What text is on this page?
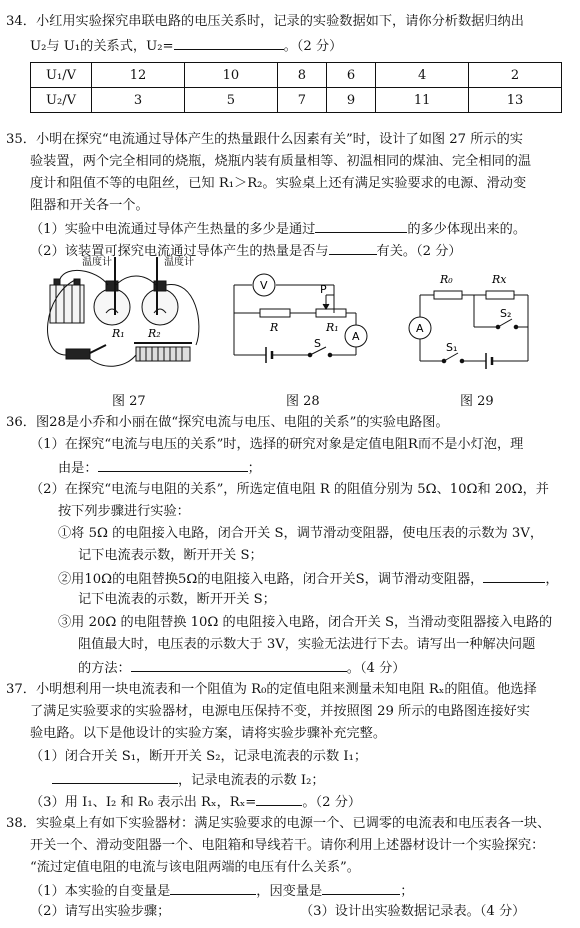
34．小红用实验探究串联电路的电压关系时，记录的实验数据如下，请你分析数据归纳出
U₂与 U₁的关系式，U₂=	。（2 分）
U₁/V	12	10	8	6	4	2
U₂/V	3	5	7	9	11	13
35．小明在探究“电流通过导体产生的热量跟什么因素有关”时，设计了如图 27 所示的实
验装置，两个完全相同的烧瓶，烧瓶内装有质量相等、初温相同的煤油、完全相同的温
度计和阻值不等的电阻丝，已知 R₁＞R₂。实验桌上还有满足实验要求的电源、滑动变
阻器和开关各一个。
（1）实验中电流通过导体产生热量的多少是通过	的多少体现出来的。
（2）该装置可探究电流通过导体产生的热量是否与	有关。（2 分）
温度计	温度计
R₁ R₂
图 27
V
A
R	R₁
P
S
图 28
A
R₀	Rx
S₂
S₁
图 29
36．图28是小乔和小丽在做“探究电流与电压、电阻的关系”的实验电路图。
（1）在探究“电流与电压的关系”时，选择的研究对象是定值电阻R而不是小灯泡，理
由是：	；
（2）在探究“电流与电阻的关系”，所选定值电阻 R 的阻值分别为 5Ω、10Ω和 20Ω，并
按下列步骤进行实验：
①将 5Ω 的电阻接入电路，闭合开关 S，调节滑动变阻器，使电压表的示数为 3V，
记下电流表示数，断开开关 S；
②用10Ω的电阻替换5Ω的电阻接入电路，闭合开关S，调节滑动变阻器，	，
记下电流表的示数，断开开关 S；
③用 20Ω 的电阻替换 10Ω 的电阻接入电路，闭合开关 S，当滑动变阻器接入电路的
阻值最大时，电压表的示数大于 3V，实验无法进行下去。请写出一种解决问题
的方法：	。（4 分）
37．小明想利用一块电流表和一个阻值为 R₀的定值电阻来测量未知电阻 Rₓ的阻值。他选择
了满足实验要求的实验器材，电源电压保持不变，并按照图 29 所示的电路图连接好实
验电路。以下是他设计的实验方案，请将实验步骤补充完整。
（1）闭合开关 S₁，断开开关 S₂，记录电流表的示数 I₁；
，记录电流表的示数 I₂；
（3）用 I₁、I₂ 和 R₀ 表示出 Rₓ，Rₓ=	。（2 分）
38．实验桌上有如下实验器材：满足实验要求的电源一个、已调零的电流表和电压表各一块、
开关一个、滑动变阻器一个、电阻箱和导线若干。请你利用上述器材设计一个实验探究：
“流过定值电阻的电流与该电阻两端的电压有什么关系”。
（1）本实验的自变量是	，因变量是	；
（2）请写出实验步骤；	（3）设计出实验数据记录表。（4 分）
